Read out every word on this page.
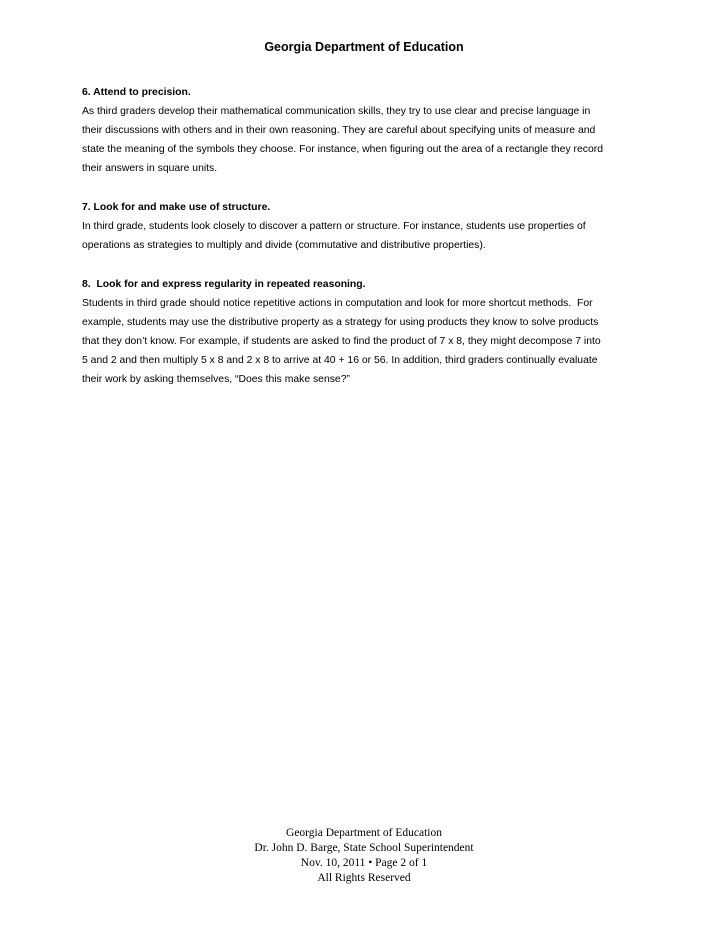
Georgia Department of Education
6. Attend to precision.

As third graders develop their mathematical communication skills, they try to use clear and precise language in

their discussions with others and in their own reasoning. They are careful about specifying units of measure and

state the meaning of the symbols they choose. For instance, when figuring out the area of a rectangle they record

their answers in square units.

7. Look for and make use of structure.

In third grade, students look closely to discover a pattern or structure. For instance, students use properties of

operations as strategies to multiply and divide (commutative and distributive properties).

8.  Look for and express regularity in repeated reasoning.

Students in third grade should notice repetitive actions in computation and look for more shortcut methods.  For

example, students may use the distributive property as a strategy for using products they know to solve products

that they don’t know. For example, if students are asked to find the product of 7 x 8, they might decompose 7 into

5 and 2 and then multiply 5 x 8 and 2 x 8 to arrive at 40 + 16 or 56. In addition, third graders continually evaluate

their work by asking themselves, “Does this make sense?”

Georgia Department of Education
Dr. John D. Barge, State School Superintendent
Nov. 10, 2011 • Page 2 of 1
All Rights Reserved
